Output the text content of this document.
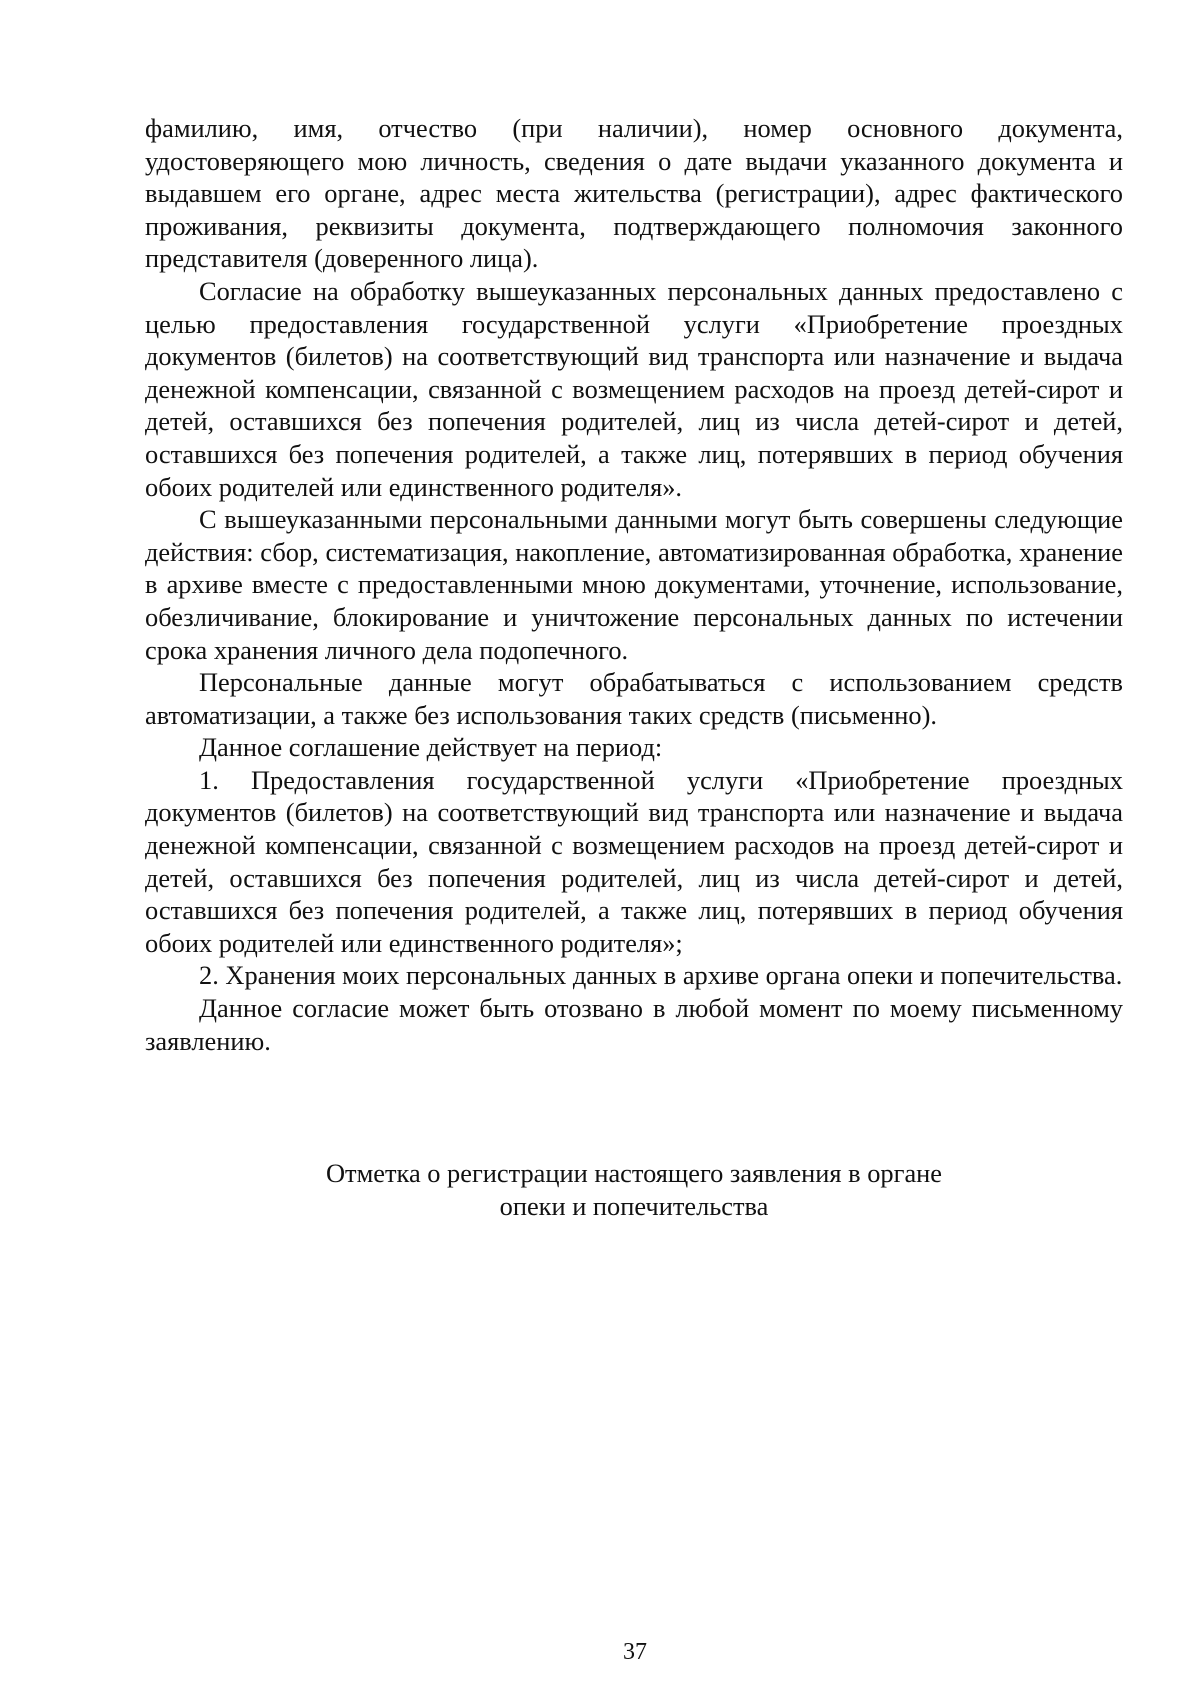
фамилию, имя, отчество (при наличии), номер основного документа, удостоверяющего мою личность, сведения о дате выдачи указанного документа и выдавшем его органе, адрес места жительства (регистрации), адрес фактического проживания, реквизиты документа, подтверждающего полномочия законного представителя (доверенного лица).

Согласие на обработку вышеуказанных персональных данных предоставлено с целью предоставления государственной услуги «Приобретение проездных документов (билетов) на соответствующий вид транспорта или назначение и выдача денежной компенсации, связанной с возмещением расходов на проезд детей-сирот и детей, оставшихся без попечения родителей, лиц из числа детей-сирот и детей, оставшихся без попечения родителей, а также лиц, потерявших в период обучения обоих родителей или единственного родителя».

С вышеуказанными персональными данными могут быть совершены следующие действия: сбор, систематизация, накопление, автоматизированная обработка, хранение в архиве вместе с предоставленными мною документами, уточнение, использование, обезличивание, блокирование и уничтожение персональных данных по истечении срока хранения личного дела подопечного.

Персональные данные могут обрабатываться с использованием средств автоматизации, а также без использования таких средств (письменно).

Данное соглашение действует на период:

1. Предоставления государственной услуги «Приобретение проездных документов (билетов) на соответствующий вид транспорта или назначение и выдача денежной компенсации, связанной с возмещением расходов на проезд детей-сирот и детей, оставшихся без попечения родителей, лиц из числа детей-сирот и детей, оставшихся без попечения родителей, а также лиц, потерявших в период обучения обоих родителей или единственного родителя»;

2. Хранения моих персональных данных в архиве органа опеки и попечительства.

Данное согласие может быть отозвано в любой момент по моему письменному заявлению.

Отметка о регистрации настоящего заявления в органе
опеки и попечительства
37
